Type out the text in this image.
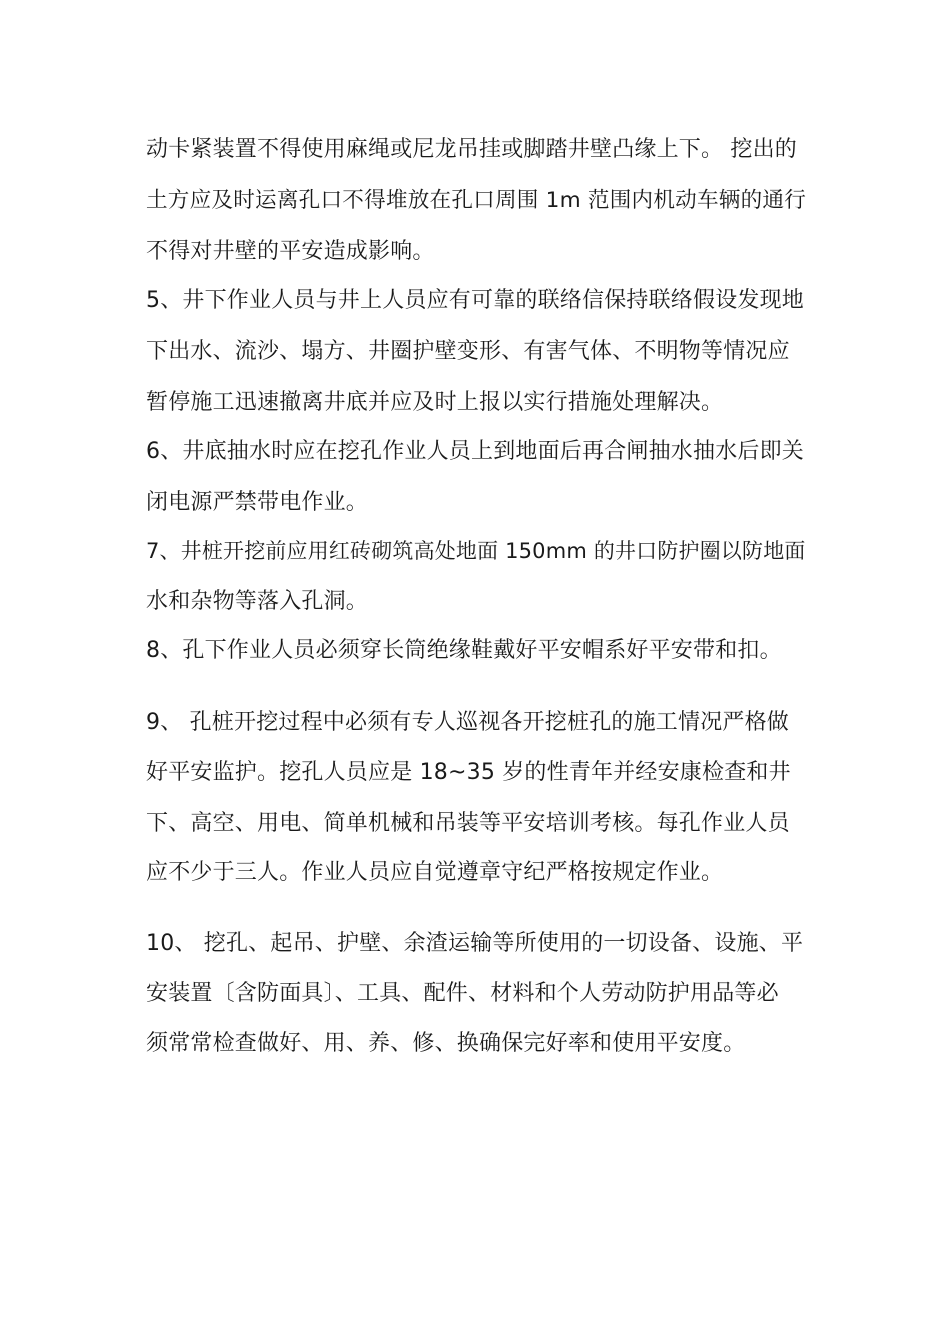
动卡紧装置不得使用麻绳或尼龙吊挂或脚踏井壁凸缘上下。 挖出的
土方应及时运离孔口不得堆放在孔口周围 1m 范围内机动车辆的通行
不得对井壁的平安造成影响。
5、井下作业人员与井上人员应有可靠的联络信保持联络假设发现地
下出水、流沙、塌方、井圈护壁变形、有害气体、不明物等情况应
暂停施工迅速撤离井底并应及时上报以实行措施处理解决。
6、井底抽水时应在挖孔作业人员上到地面后再合闸抽水抽水后即关
闭电源严禁带电作业。
7、井桩开挖前应用红砖砌筑高处地面 150mm 的井口防护圈以防地面
水和杂物等落入孔洞。
8、孔下作业人员必须穿长筒绝缘鞋戴好平安帽系好平安带和扣。
9、 孔桩开挖过程中必须有专人巡视各开挖桩孔的施工情况严格做
好平安监护。挖孔人员应是 18~35 岁的性青年并经安康检查和井
下、高空、用电、简单机械和吊装等平安培训考核。每孔作业人员
应不少于三人。作业人员应自觉遵章守纪严格按规定作业。
10、 挖孔、起吊、护壁、余渣运输等所使用的一切设备、设施、平
安装置〔含防面具〕、工具、配件、材料和个人劳动防护用品等必
须常常检查做好、用、养、修、换确保完好率和使用平安度。
